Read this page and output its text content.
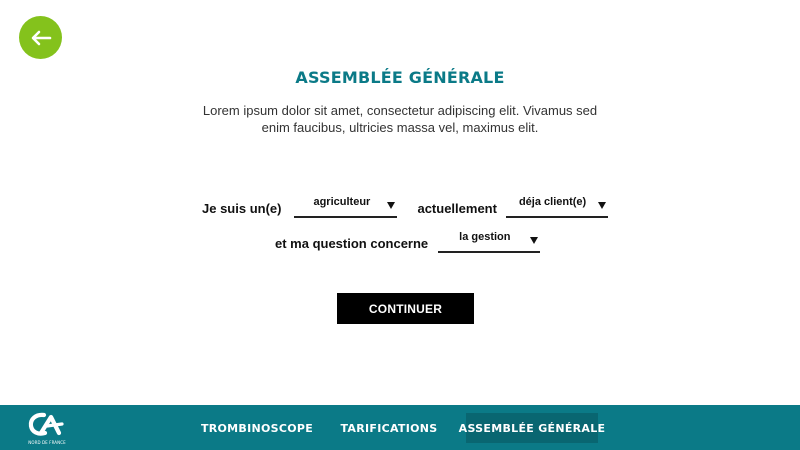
ASSEMBLÉE GÉNÉRALE
Lorem ipsum dolor sit amet, consectetur adipiscing elit. Vivamus sed enim faucibus, ultricies massa vel, maximus elit.
Je suis un(e)	agriculteur	actuellement déja client(e)
et ma question concerne	la gestion
CONTINUER
NORD DE FRANCE
TROMBINOSCOPE TARIFICATIONS ASSEMBLÉE GÉNÉRALE
